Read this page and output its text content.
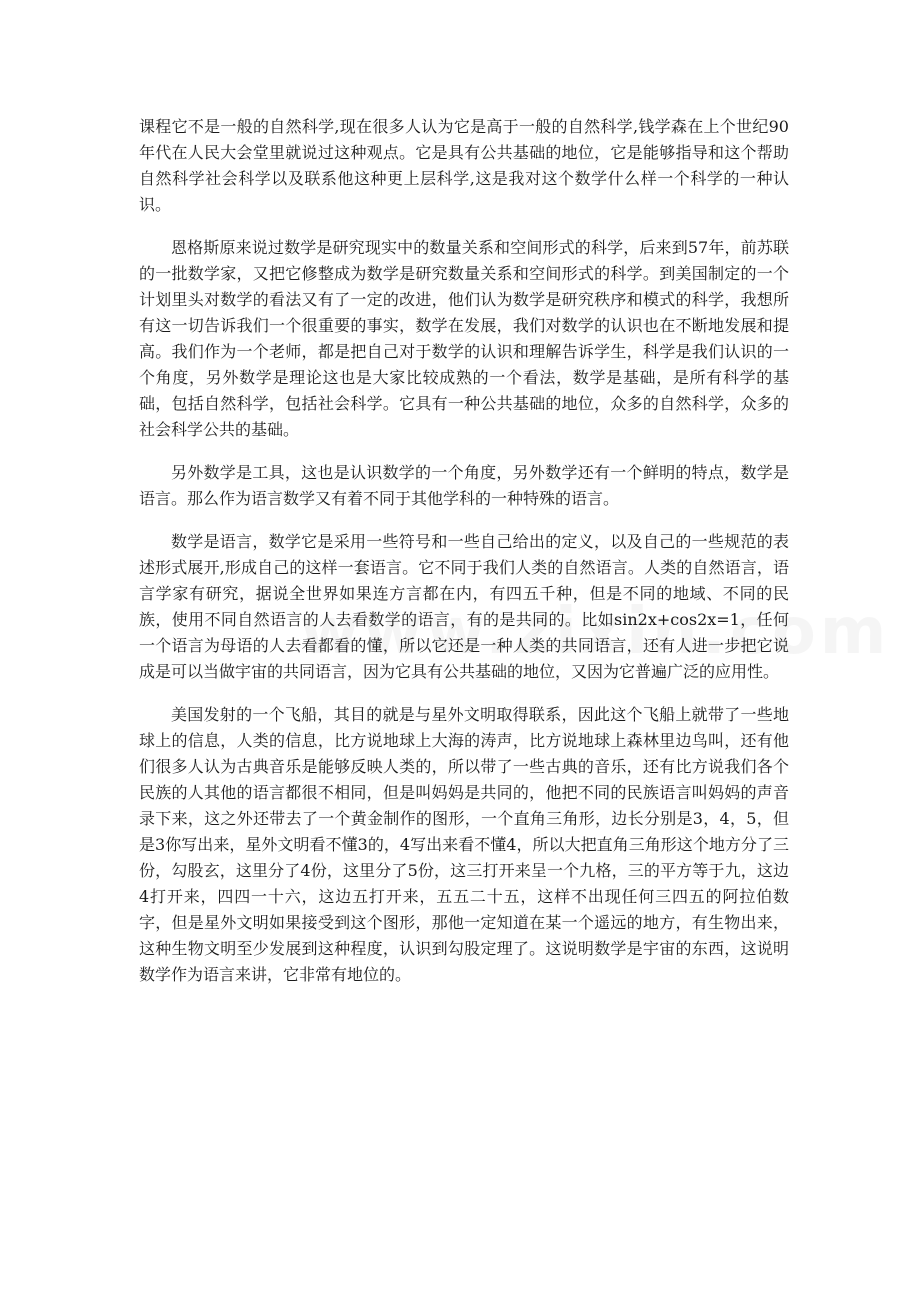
课程它不是一般的自然科学,现在很多人认为它是高于一般的自然科学,钱学森在上个世纪90年代在人民大会堂里就说过这种观点。它是具有公共基础的地位，它是能够指导和这个帮助自然科学社会科学以及联系他这种更上层科学,这是我对这个数学什么样一个科学的一种认识。

恩格斯原来说过数学是研究现实中的数量关系和空间形式的科学，后来到57年，前苏联的一批数学家，又把它修整成为数学是研究数量关系和空间形式的科学。到美国制定的一个计划里头对数学的看法又有了一定的改进，他们认为数学是研究秩序和模式的科学，我想所有这一切告诉我们一个很重要的事实，数学在发展，我们对数学的认识也在不断地发展和提高。我们作为一个老师，都是把自己对于数学的认识和理解告诉学生，科学是我们认识的一个角度，另外数学是理论这也是大家比较成熟的一个看法，数学是基础，是所有科学的基础，包括自然科学，包括社会科学。它具有一种公共基础的地位，众多的自然科学，众多的社会科学公共的基础。

另外数学是工具，这也是认识数学的一个角度，另外数学还有一个鲜明的特点，数学是语言。那么作为语言数学又有着不同于其他学科的一种特殊的语言。

数学是语言，数学它是采用一些符号和一些自己给出的定义，以及自己的一些规范的表述形式展开,形成自己的这样一套语言。它不同于我们人类的自然语言。人类的自然语言，语言学家有研究，据说全世界如果连方言都在内，有四五千种，但是不同的地域、不同的民族，使用不同自然语言的人去看数学的语言，有的是共同的。比如sin2x+cos2x=1，任何一个语言为母语的人去看都看的懂，所以它还是一种人类的共同语言，还有人进一步把它说成是可以当做宇宙的共同语言，因为它具有公共基础的地位，又因为它普遍广泛的应用性。

美国发射的一个飞船，其目的就是与星外文明取得联系，因此这个飞船上就带了一些地球上的信息，人类的信息，比方说地球上大海的涛声，比方说地球上森林里边鸟叫，还有他们很多人认为古典音乐是能够反映人类的，所以带了一些古典的音乐，还有比方说我们各个民族的人其他的语言都很不相同，但是叫妈妈是共同的，他把不同的民族语言叫妈妈的声音录下来，这之外还带去了一个黄金制作的图形，一个直角三角形，边长分别是3，4，5，但是3你写出来，星外文明看不懂3的，4写出来看不懂4，所以大把直角三角形这个地方分了三份，勾股玄，这里分了4份，这里分了5份，这三打开来呈一个九格，三的平方等于九，这边4打开来，四四一十六，这边五打开来，五五二十五，这样不出现任何三四五的阿拉伯数字，但是星外文明如果接受到这个图形，那他一定知道在某一个遥远的地方，有生物出来，这种生物文明至少发展到这种程度，认识到勾股定理了。这说明数学是宇宙的东西，这说明数学作为语言来讲，它非常有地位的。
